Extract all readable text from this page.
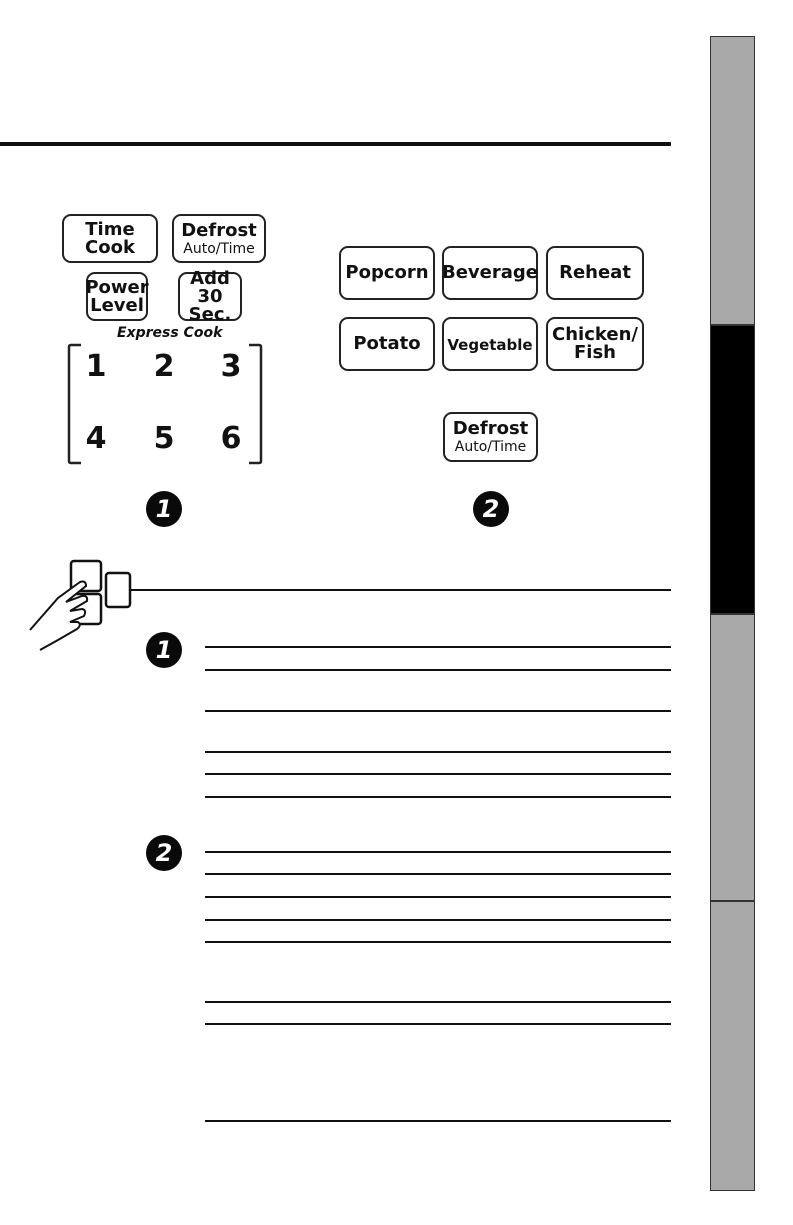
Time
Cook
Defrost
Auto/Time
Power
Level
Add
30 Sec.
Express Cook
1	2	3
4	5	6
Popcorn Beverage Reheat
Potato Vegetable Chicken/
Fish
Defrost
Auto/Time
1	2
1
2
